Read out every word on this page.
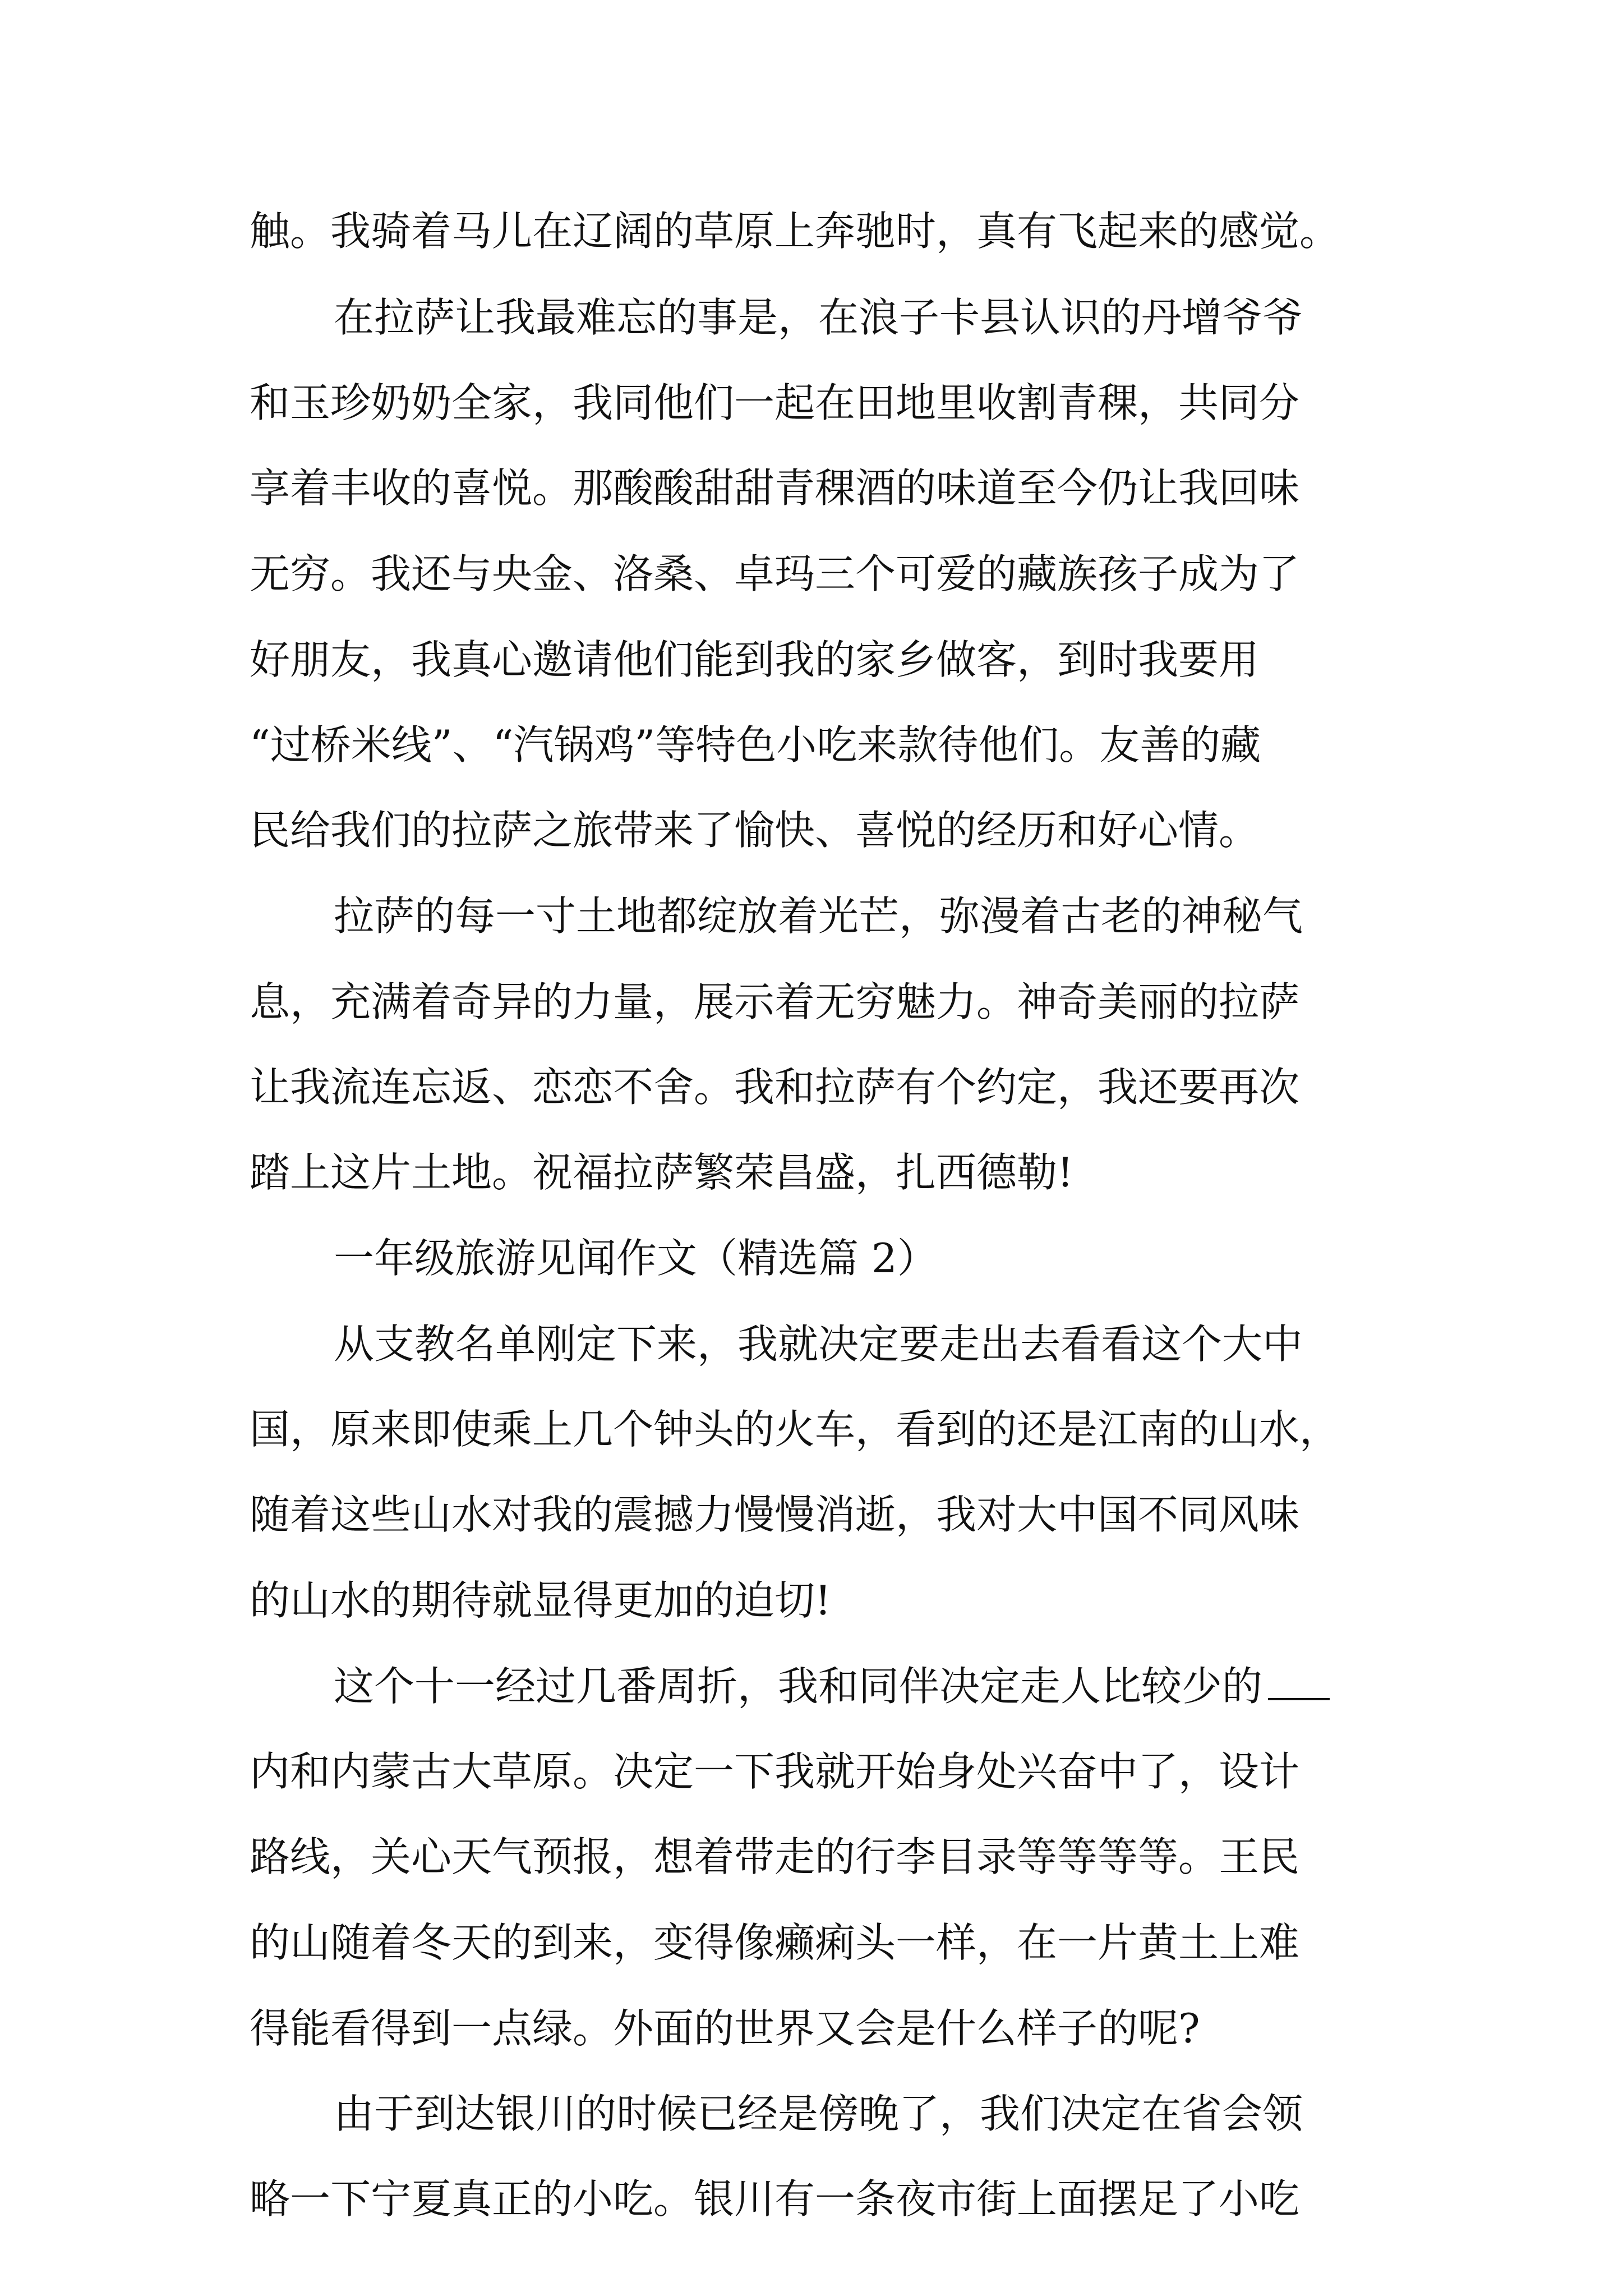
触。我骑着马儿在辽阔的草原上奔驰时，真有飞起来的感觉。
在拉萨让我最难忘的事是，在浪子卡县认识的丹增爷爷
和玉珍奶奶全家，我同他们一起在田地里收割青稞，共同分
享着丰收的喜悦。那酸酸甜甜青稞酒的味道至今仍让我回味
无穷。我还与央金、洛桑、卓玛三个可爱的藏族孩子成为了
好朋友，我真心邀请他们能到我的家乡做客，到时我要用
“过桥米线”、“汽锅鸡”等特色小吃来款待他们。友善的藏
民给我们的拉萨之旅带来了愉快、喜悦的经历和好心情。
拉萨的每一寸土地都绽放着光芒，弥漫着古老的神秘气
息，充满着奇异的力量，展示着无穷魅力。神奇美丽的拉萨
让我流连忘返、恋恋不舍。我和拉萨有个约定，我还要再次
踏上这片土地。祝福拉萨繁荣昌盛，扎西德勒!
一年级旅游见闻作文（精选篇 2）
从支教名单刚定下来，我就决定要走出去看看这个大中
国，原来即使乘上几个钟头的火车，看到的还是江南的山水，
随着这些山水对我的震撼力慢慢消逝，我对大中国不同风味
的山水的期待就显得更加的迫切!
这个十一经过几番周折，我和同伴决定走人比较少的
内和内蒙古大草原。决定一下我就开始身处兴奋中了，设计
路线，关心天气预报，想着带走的行李目录等等等等。王民
的山随着冬天的到来，变得像癞痢头一样，在一片黄土上难
得能看得到一点绿。外面的世界又会是什么样子的呢?
由于到达银川的时候已经是傍晚了，我们决定在省会领
略一下宁夏真正的小吃。银川有一条夜市街上面摆足了小吃
